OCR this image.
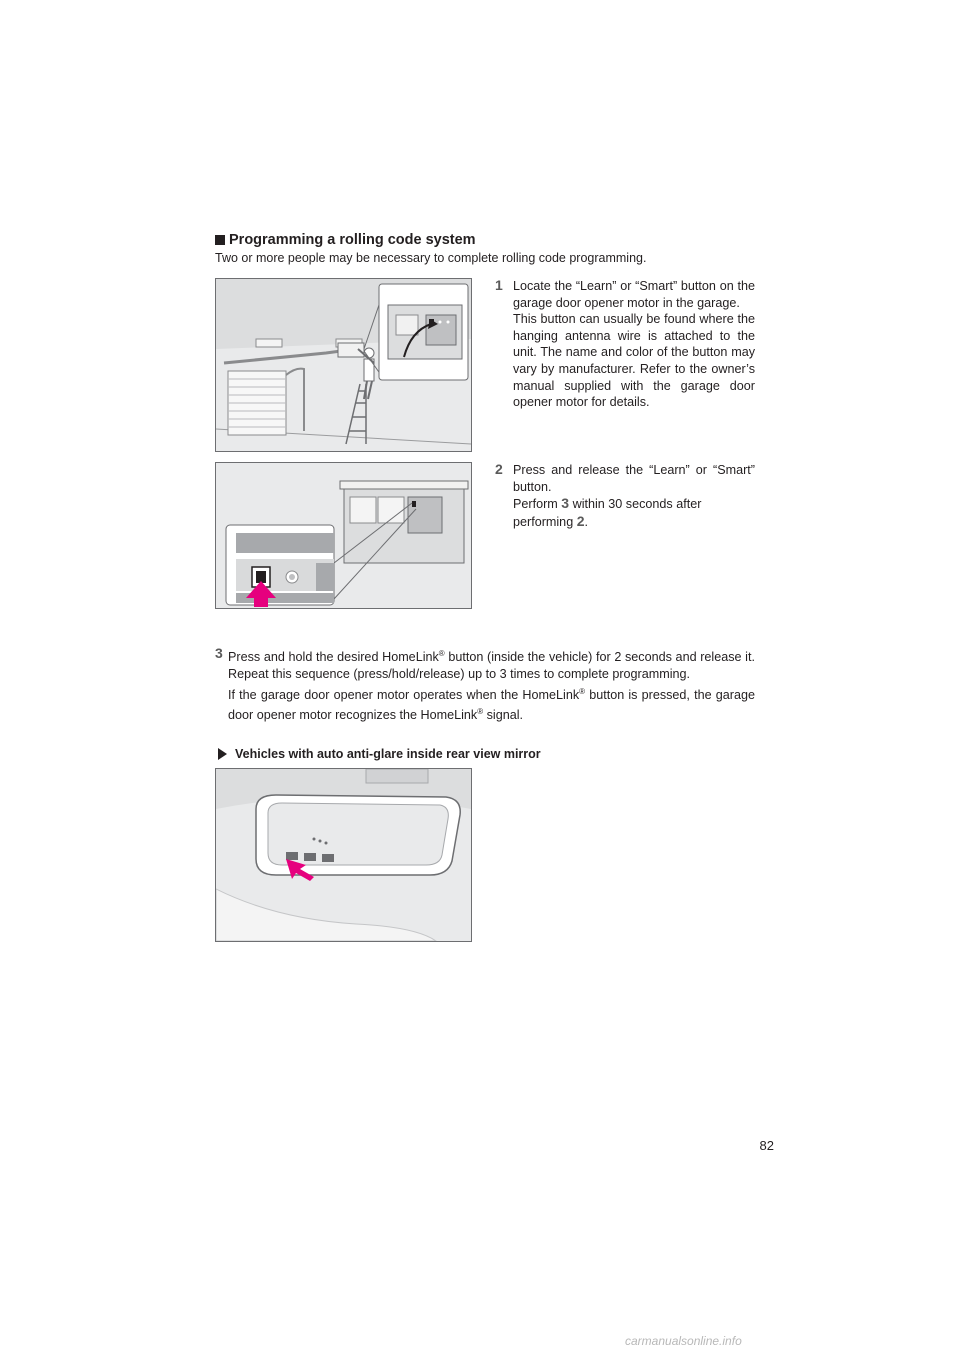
Programming a rolling code system
Two or more people may be necessary to complete rolling code programming.
1 Locate the “Learn” or “Smart” button on the garage door opener motor in the garage.

This button can usually be found where the hanging antenna wire is attached to the unit. The name and color of the button may vary by manufacturer. Refer to the owner’s manual supplied with the garage door opener motor for details.

2 Press and release the “Learn” or “Smart” button.

Perform 3 within 30 seconds after performing 2.

3 Press and hold the desired HomeLink® button (inside the vehicle) for 2 seconds and release it. Repeat this sequence (press/hold/release) up to 3 times to complete programming.

If the garage door opener motor operates when the HomeLink® button is pressed, the garage door opener motor recognizes the HomeLink® signal.

Vehicles with auto anti-glare inside rear view mirror
82
carmanualsonline.info
